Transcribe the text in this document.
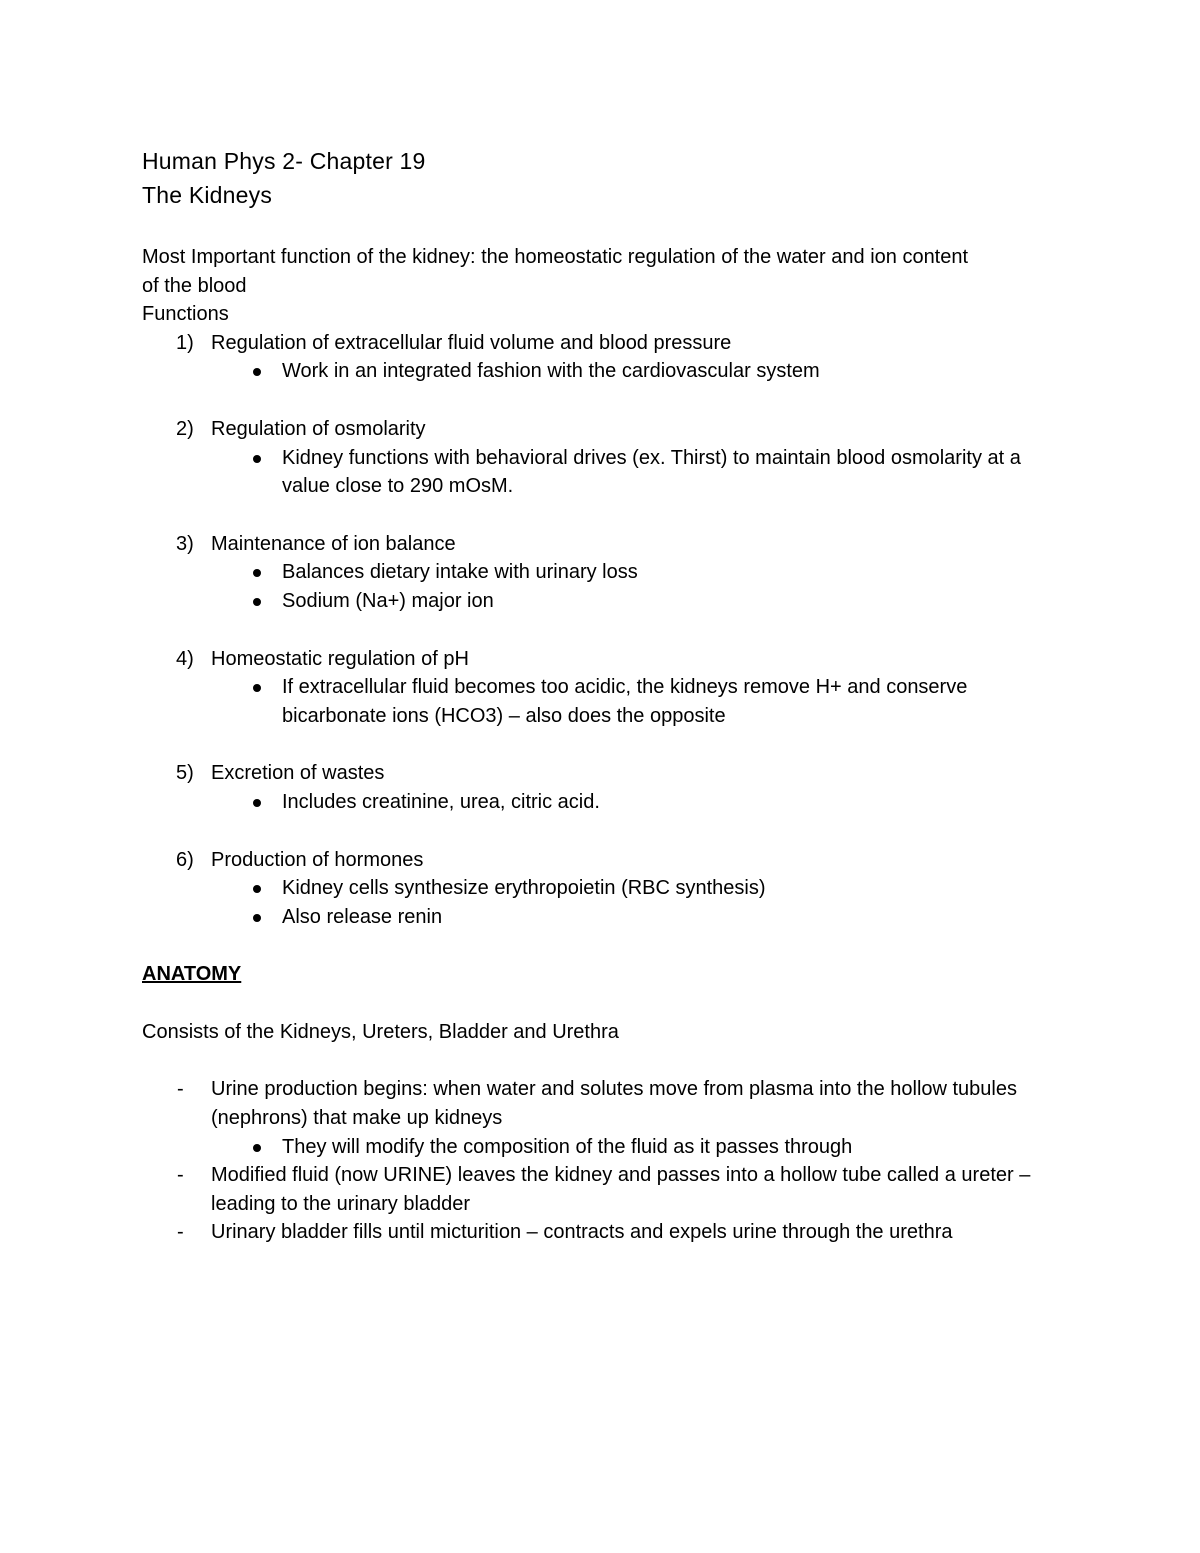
Human Phys 2- Chapter 19
The Kidneys
Most Important function of the kidney: the homeostatic regulation of the water and ion content
of the blood
Functions
1) Regulation of extracellular fluid volume and blood pressure
Work in an integrated fashion with the cardiovascular system
2) Regulation of osmolarity
Kidney functions with behavioral drives (ex. Thirst) to maintain blood osmolarity at a value close to 290 mOsM.
3) Maintenance of ion balance
Balances dietary intake with urinary loss
Sodium (Na+) major ion
4) Homeostatic regulation of pH
If extracellular fluid becomes too acidic, the kidneys remove H+ and conserve bicarbonate ions (HCO3) – also does the opposite
5) Excretion of wastes
Includes creatinine, urea, citric acid.
6) Production of hormones
Kidney cells synthesize erythropoietin (RBC synthesis)
Also release renin
ANATOMY
Consists of the Kidneys, Ureters, Bladder and Urethra
- Urine production begins: when water and solutes move from plasma into the hollow tubules (nephrons) that make up kidneys
They will modify the composition of the fluid as it passes through
- Modified fluid (now URINE) leaves the kidney and passes into a hollow tube called a ureter – leading to the urinary bladder
- Urinary bladder fills until micturition – contracts and expels urine through the urethra
